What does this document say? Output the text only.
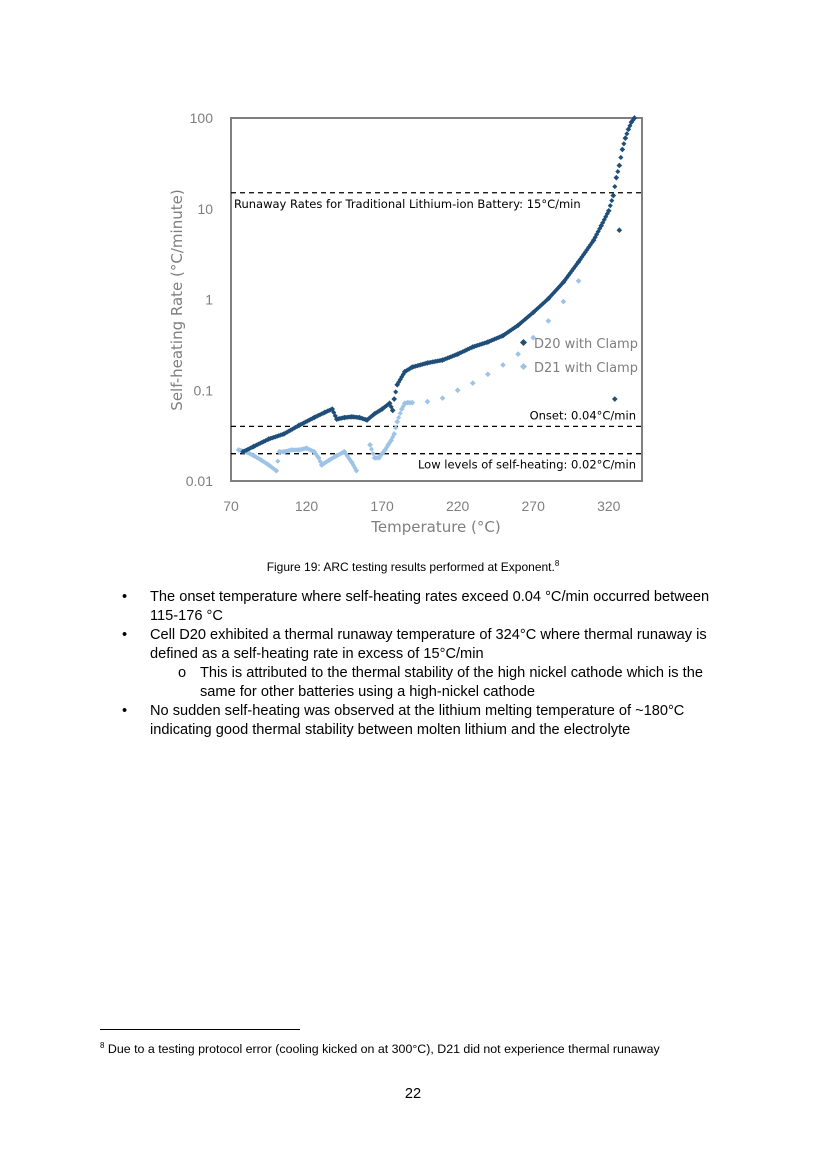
Runaway Rates for Traditional Lithium-ion Battery: 15°C/min
Onset: 0.04°C/min
Low levels of self-heating: 0.02°C/min
0.01
0.1
1
10
100
70	120	170	220	270	320
Temperature (°C)
Self-heating Rate (°C/minute)	D20 with Clamp
D21 with Clamp
Figure 19: ARC testing results performed at Exponent.$^8$
• The onset temperature where self-heating rates exceed 0.04 °C/min occurred between 115-176 °C
• Cell D20 exhibited a thermal runaway temperature of 324°C where thermal runaway is defined as a self-heating rate in excess of 15°C/min
o This is attributed to the thermal stability of the high nickel cathode which is the same for other batteries using a high-nickel cathode
• No sudden self-heating was observed at the lithium melting temperature of ~180°C indicating good thermal stability between molten lithium and the electrolyte
$^8$ Due to a testing protocol error (cooling kicked on at 300°C), D21 did not experience thermal runaway
22
